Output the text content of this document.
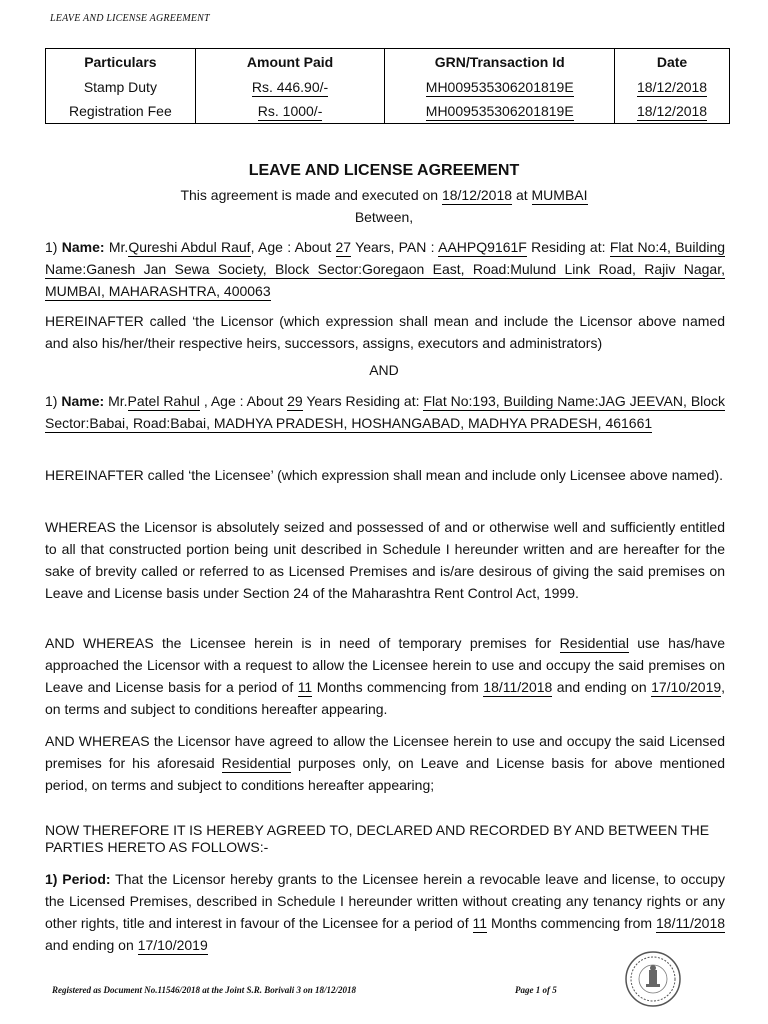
LEAVE AND LICENSE AGREEMENT
Particulars	Amount Paid	GRN/Transaction Id	Date
Stamp Duty	Rs. 446.90/-	MH009535306201819E	18/12/2018
Registration Fee	Rs. 1000/-	MH009535306201819E	18/12/2018
LEAVE AND LICENSE AGREEMENT
This agreement is made and executed on 18/12/2018 at MUMBAI
Between,
1) Name: Mr.Qureshi Abdul Rauf, Age : About 27 Years, PAN : AAHPQ9161F Residing at: Flat No:4, Building Name:Ganesh Jan Sewa Society, Block Sector:Goregaon East, Road:Mulund Link Road, Rajiv Nagar, MUMBAI, MAHARASHTRA, 400063
HEREINAFTER called ‘the Licensor (which expression shall mean and include the Licensor above named and also his/her/their respective heirs, successors, assigns, executors and administrators)
AND
1) Name: Mr.Patel Rahul , Age : About 29 Years Residing at: Flat No:193, Building Name:JAG JEEVAN, Block Sector:Babai, Road:Babai, MADHYA PRADESH, HOSHANGABAD, MADHYA PRADESH, 461661
HEREINAFTER called ‘the Licensee’ (which expression shall mean and include only Licensee above named).
WHEREAS the Licensor is absolutely seized and possessed of and or otherwise well and sufficiently entitled to all that constructed portion being unit described in Schedule I hereunder written and are hereafter for the sake of brevity called or referred to as Licensed Premises and is/are desirous of giving the said premises on Leave and License basis under Section 24 of the Maharashtra Rent Control Act, 1999.
AND WHEREAS the Licensee herein is in need of temporary premises for Residential use has/have approached the Licensor with a request to allow the Licensee herein to use and occupy the said premises on Leave and License basis for a period of 11 Months commencing from 18/11/2018 and ending on 17/10/2019, on terms and subject to conditions hereafter appearing.
AND WHEREAS the Licensor have agreed to allow the Licensee herein to use and occupy the said Licensed premises for his aforesaid Residential purposes only, on Leave and License basis for above mentioned period, on terms and subject to conditions hereafter appearing;
NOW THEREFORE IT IS HEREBY AGREED TO, DECLARED AND RECORDED BY AND BETWEEN THE PARTIES HERETO AS FOLLOWS:-
1) Period: That the Licensor hereby grants to the Licensee herein a revocable leave and license, to occupy the Licensed Premises, described in Schedule I hereunder written without creating any tenancy rights or any other rights, title and interest in favour of the Licensee for a period of 11 Months commencing from 18/11/2018 and ending on 17/10/2019
Registered as Document No.11546/2018 at the Joint S.R. Borivali 3 on 18/12/2018	Page 1 of 5
